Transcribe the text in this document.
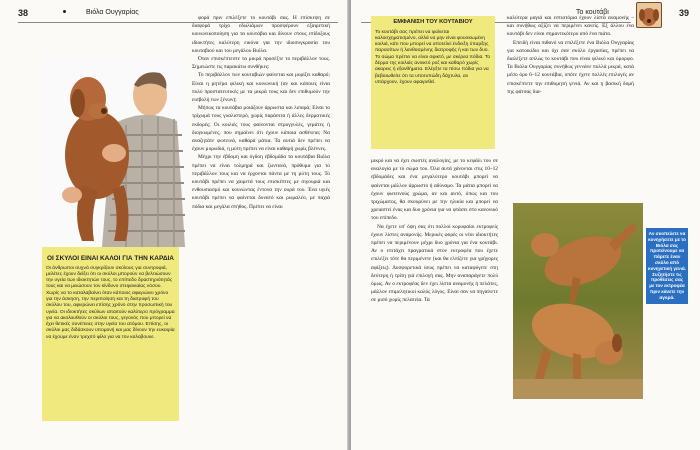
38	Βιόλα Ουγγαρίας
ΟΙ ΣΚΥΛΟΙ ΕΙΝΑΙ ΚΑΛΟΙ ΓΙΑ ΤΗΝ ΚΑΡΔΙΑ
Οι άνθρωποι συχνά συγκρίζουν σκύλους για συντροφιά, μελέτες έχουν δείξει ότι οι σκύλοι μπορούν να βελτιώσουν την υγεία των ιδιοκτητών τους, το επίπεδο δραστηριότητάς τους και να μειώσουν τον κίνδυνο στεφανιαίας νόσου. Χωρίς να το καταλαβαίνει όταν κάποιος αφιερώνει χρόνο για την άσκηση, την περιποίηση και τη διατροφή του σκύλου του, αφιερώνει επίσης χρόνο στην προσωπική του υγεία. Οι ιδιοκτήτες σκύλων απαιτούν καλύτερο πρόγραμμα για να ακολουθούν οι σκύλοι τους, γεγονός που μπορεί να έχει θετικές συνέπειες στην υγεία του ατόμου. Επίσης, οι σκύλοι μας διδάσκουν υπομονή και μας δίνουν την ευκαιρία να έχουμε έναν τρεχιτό φίλο για να τον καλοβουνε.

φορά πριν επιλέξετε το κουτάβι σας. Η επίσκεψη σε διαφορά τρίχο εδωλιάμων προσφέρουν εξαιρετική κοινωνικοποίηση για τα κουτάβια και δίνουν στους επίδοξους ιδιοκτήτες καλύτερη εικόνα για την ιδιοσυγκρασία του κουταβιού και του μεγάλου Βιόλα.

Όταν επισκέπτεστε τα μικρά προσέξτε το περιβάλλον τους. Σημειώστε τις παρακάτω συνθήκες:

Το περιβάλλον των κουταβιών φαίνεται και μυρίζει καθαρό; Είναι η μητέρα φιλική και κοινωνική (αν και κάποιες είναι πολύ προστατευτικές με τα μικρά τους και δεν επιθυμούν την εισβολή των ξένων);

Μήπως τα κουτάβια μοιάζουν άρρωστα και λιπαρά; Είναι το τρίχωμά τους γυαλιστερό, χωρίς παράσιτα ή άλλες δερματικές εκδορές; Οι κοιλιές τους φαίνονται στρογγυλές, γεμάτες ή διογκωμένες, που σημαίνει ότι έχουν κάποια ασθένεια; Να αναζητάτε φωτεινά, καθαρά μάτια. Τα αυτιά δεν πρέπει να έχουν μυρωδιά, η μύτη πρέπει να είναι καθαρή χωρίς βλέννες.

Μέχρι την έβδομη και όγδοη εβδομάδα τα κουτάβια Βιόλα πρέπει να είναι τολμηρά και ζωντανά, πρόθυμα για το περιβάλλον τους και να έρχονται πάντα με τη μύτη τους. Το κουτάβι πρέπει να χαιρετά τους επισκέπτες με σιγουριά και ενθουσιασμό και κουνώντας έντονα την ουρά του. Ένα υγιές κουτάβι πρέπει να φαίνεται δυνατό και ρωμαλέο, με παχιά πόδια και μεγάλα στήθος. Πρέπει να είναι

Το κουτάβι	39
ΕΜΦΑΝΙΣΗ ΤΟΥ ΚΟΥΤΑΒΙΟΥ
Το κουτάβι σας πρέπει να φαίνεται καλοσχηματισμένο, αλλά να μην είναι φουσκωμένη κοιλιά, κάτι που μπορεί να αποτελεί ένδειξη ύπαρξης παρασίτων ή λανθασμένης διατροφής ή και των δυο. Το σώμα πρέπει να είναι σφικτό, με σκέρεα πόδια. Το δέρμα της κοιλιάς ανοικτό ροζ και καθαρό χωρίς ακαρεις ή εξανθήματα. Ελέγξτε τα πίσω πόδια για να βεβαιωθείτε ότι τα υποτυπώδη δάχτυλα, αν υπάρχουν, έχουν αφαιρεθεί.

μικρό και να έχει σωστές αναλογίες, με το κεφάλι του σε αναλογία με το σώμα του. Όλα αυτά χάνονται στις 10–12 εβδομάδες και ένα μεγαλύτερο κουτάβι μπορεί να φαίνεται μάλλον άρρωστο ή αδύναμο. Τα μάτια μπορεί να έχουν φωτεινούς χρώμα, αν και αυτό, όπως και του τριχώματος, θα σκουρύνει με την ηλικία και μπορεί να χρειαστεί ένας και δυο χρόνια για να φτάσει στο κανονικό του επίπεδο.

Να έχετε υπ' όψη σας ότι πολλοί κορυφαίοι εκτροφείς έχουν λίστες αναμονής. Μερικές φορές οι νέοι ιδιοκτήτες πρέπει να περιμένουν μέχρι δυο χρόνια για ένα κουτάβι. Αν ο επιτάχει πραγματικά στον εκτροφέα που έχετε επιλέξει τότε θα περιμένετε (και θα ελπίζετε για γρήγορες αφίξεις). Δυσφορετικά ίσως πρέπει να καταφύγετε στη δεύτερη ή τρίτη γιά επιλογή σας. Μην αναπαράγετε πολύ όμως. Αν ο εκτροφέας δεν έχει λίστα αναμονής ή πελάτες, μάλλον επιμελητικοί καλός λόγος. Είναι σαν να πηγαίνετε σε μισό χωρίς πελατεία. Τα

καλύτερα μαγιά και εστιατόρια έχουν λίστα αναμονής –και συνήθως αξίζει να περιμένει κανείς. Εξ άλλου ένα κουτάβι δεν είναι σημαντικότερο από ένα πιάτο.

Επειδή είναι πιθανό να επιλέξετε ένα Βιόλα Ουγγαρίας για κατοικίδιο και όχι σαν σκύλο έργασίας, πρέπει να διαλέξετε απλώς το κουτάβι που είναι φιλικό και όμορφο. Τα Βιόλα Ουγγαρίας συνήθως γεννάνε πολλά μικρά, κατά μέσο όρο 6–12 κουτάβια, οπότε έχετε πολλές επιλογές αν επισκέπτετε την επιθυμητή γενιά. Αν και η βασική δομή της φάτσας δια-

Αν σκοπεύετε να κυνηγήσετε με το Βιόλα σας προτείνουμε να πάρετε έναν σκύλο από κυνηγετική γενιά. Συζητήστε τις προθέσεις σας με τον εκτροφέα πριν κάνετε την αγορά.
